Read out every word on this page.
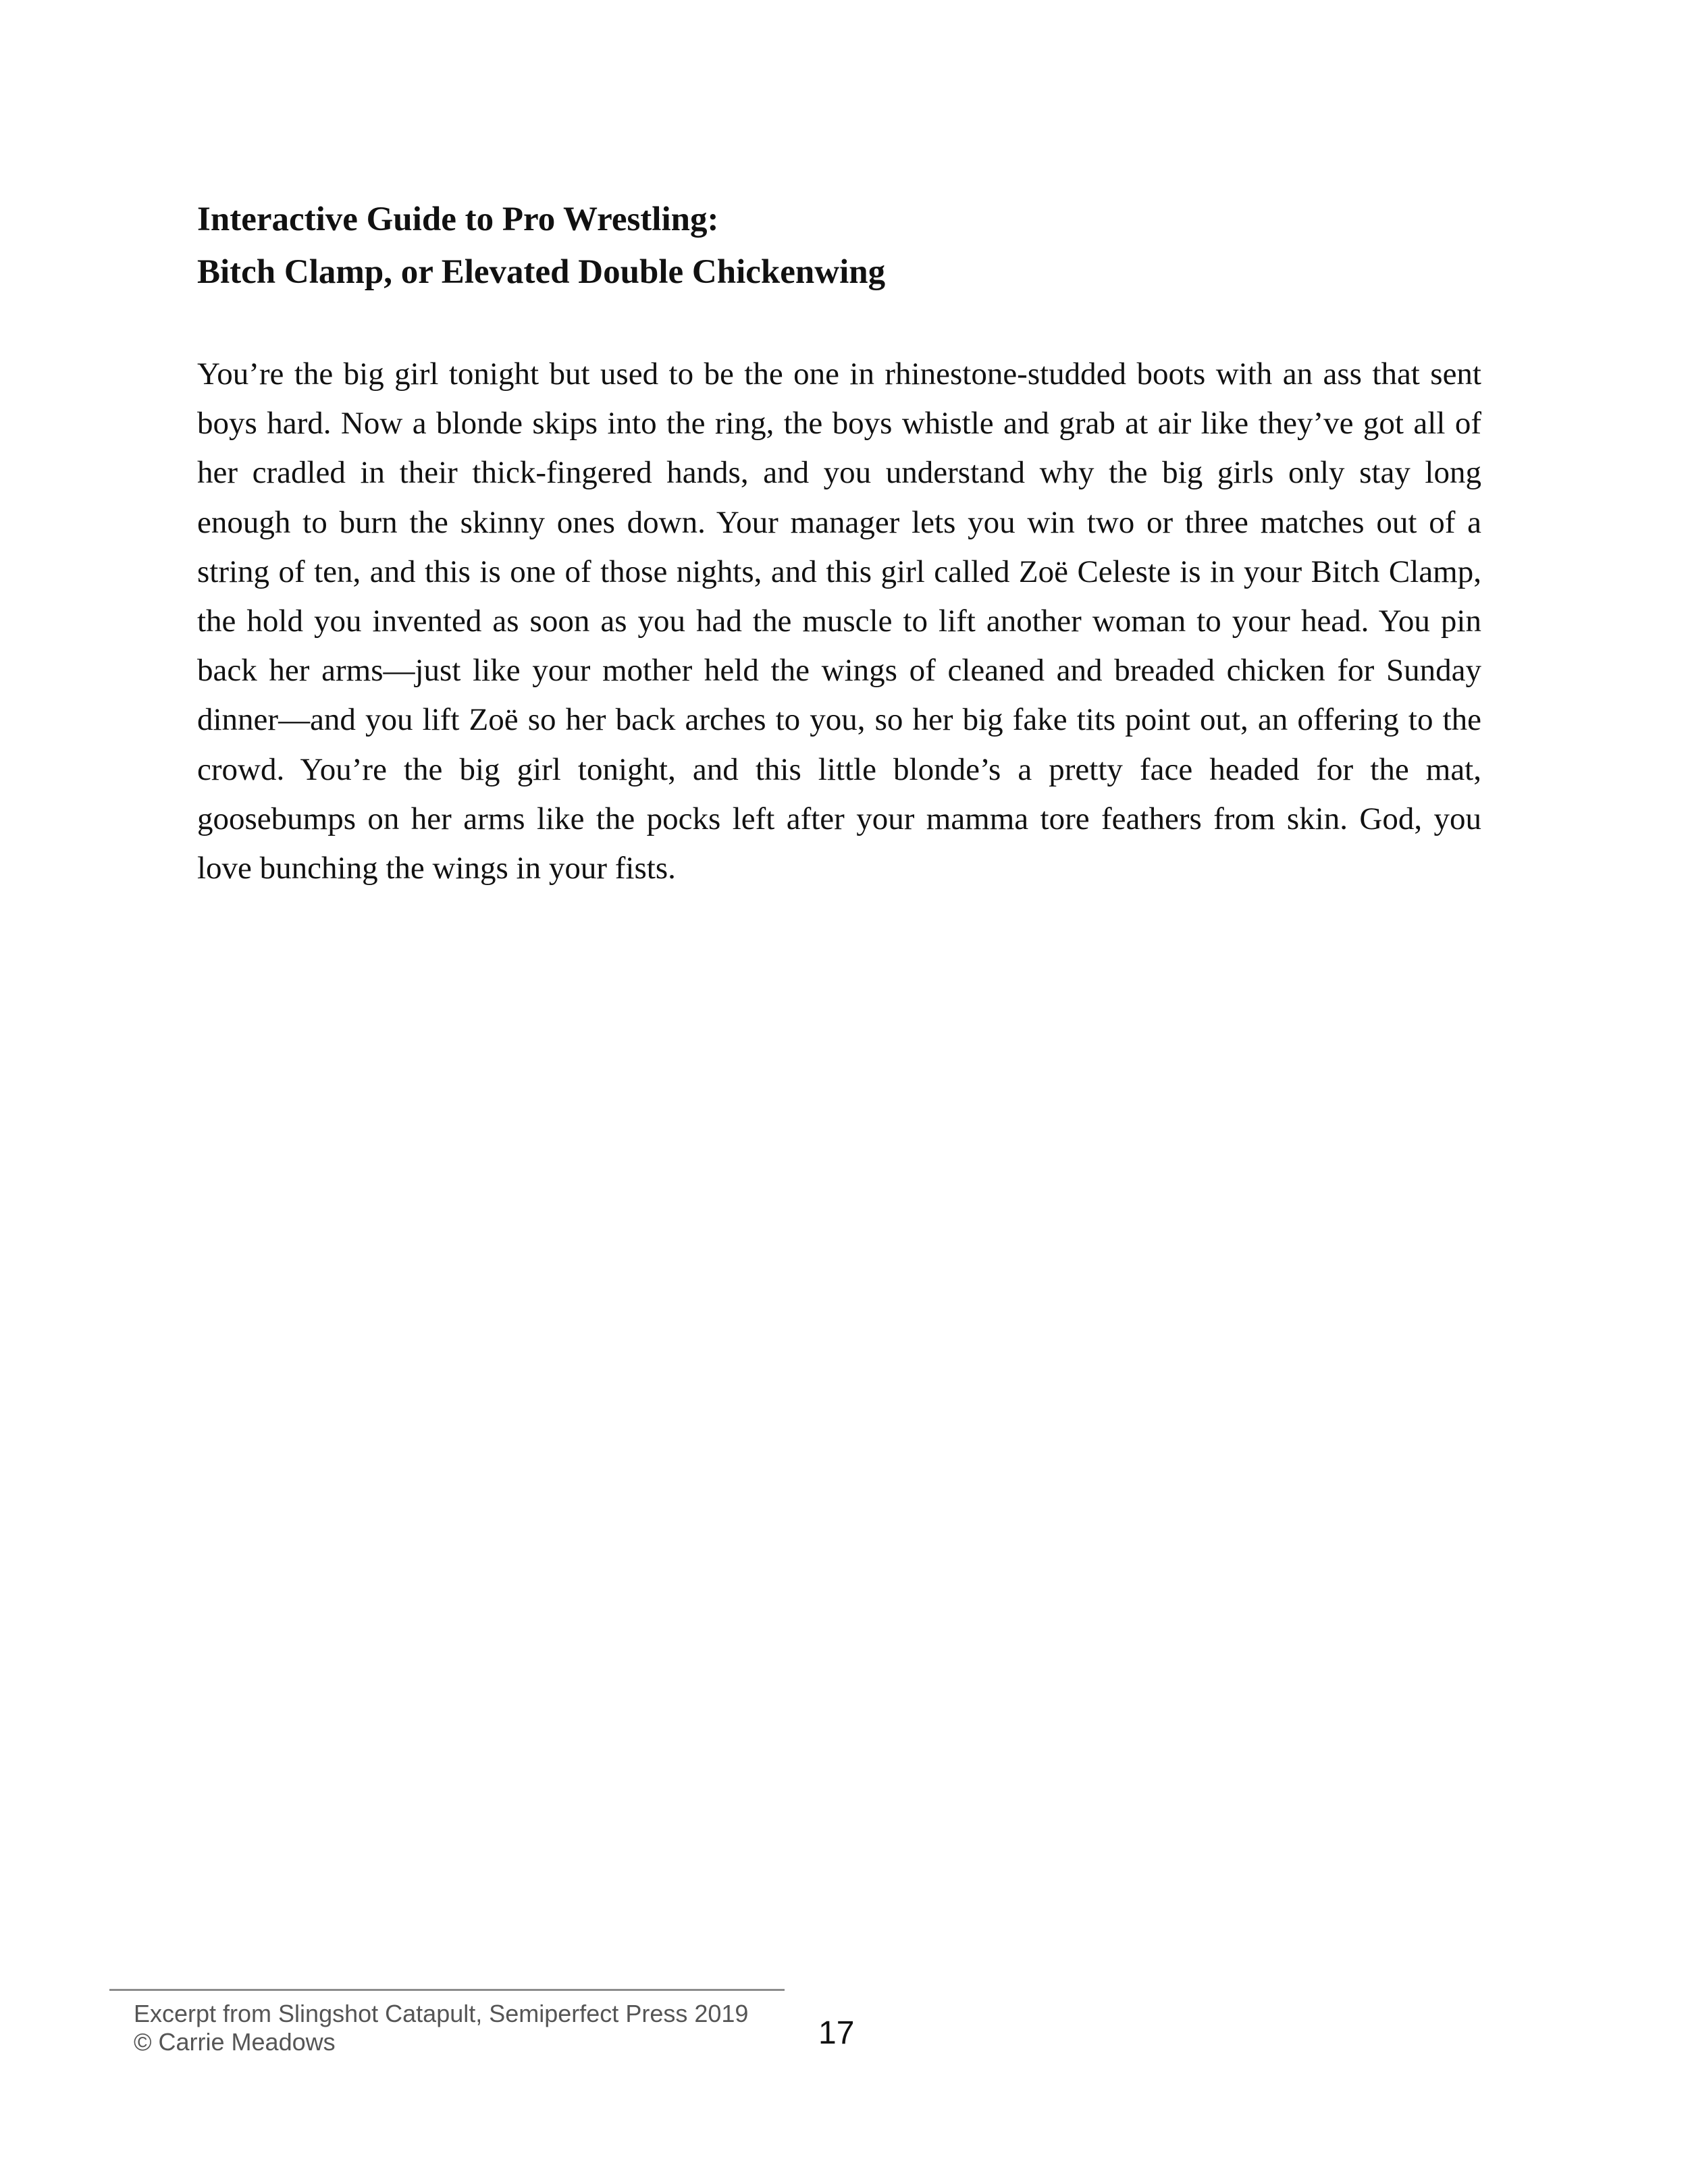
Interactive Guide to Pro Wrestling:
Bitch Clamp, or Elevated Double Chickenwing

You’re the big girl tonight but used to be the one in rhinestone-studded boots with an ass that sent boys hard. Now a blonde skips into the ring, the boys whistle and grab at air like they’ve got all of her cradled in their thick-fingered hands, and you understand why the big girls only stay long enough to burn the skinny ones down. Your manager lets you win two or three matches out of a string of ten, and this is one of those nights, and this girl called Zoë Celeste is in your Bitch Clamp, the hold you invented as soon as you had the muscle to lift another woman to your head. You pin back her arms—just like your mother held the wings of cleaned and breaded chicken for Sunday dinner—and you lift Zoë so her back arches to you, so her big fake tits point out, an offering to the crowd. You’re the big girl tonight, and this little blonde’s a pretty face headed for the mat, goosebumps on her arms like the pocks left after your mamma tore feathers from skin. God, you love bunching the wings in your fists.

Excerpt from Slingshot Catapult, Semiperfect Press 2019
© Carrie Meadows	17
